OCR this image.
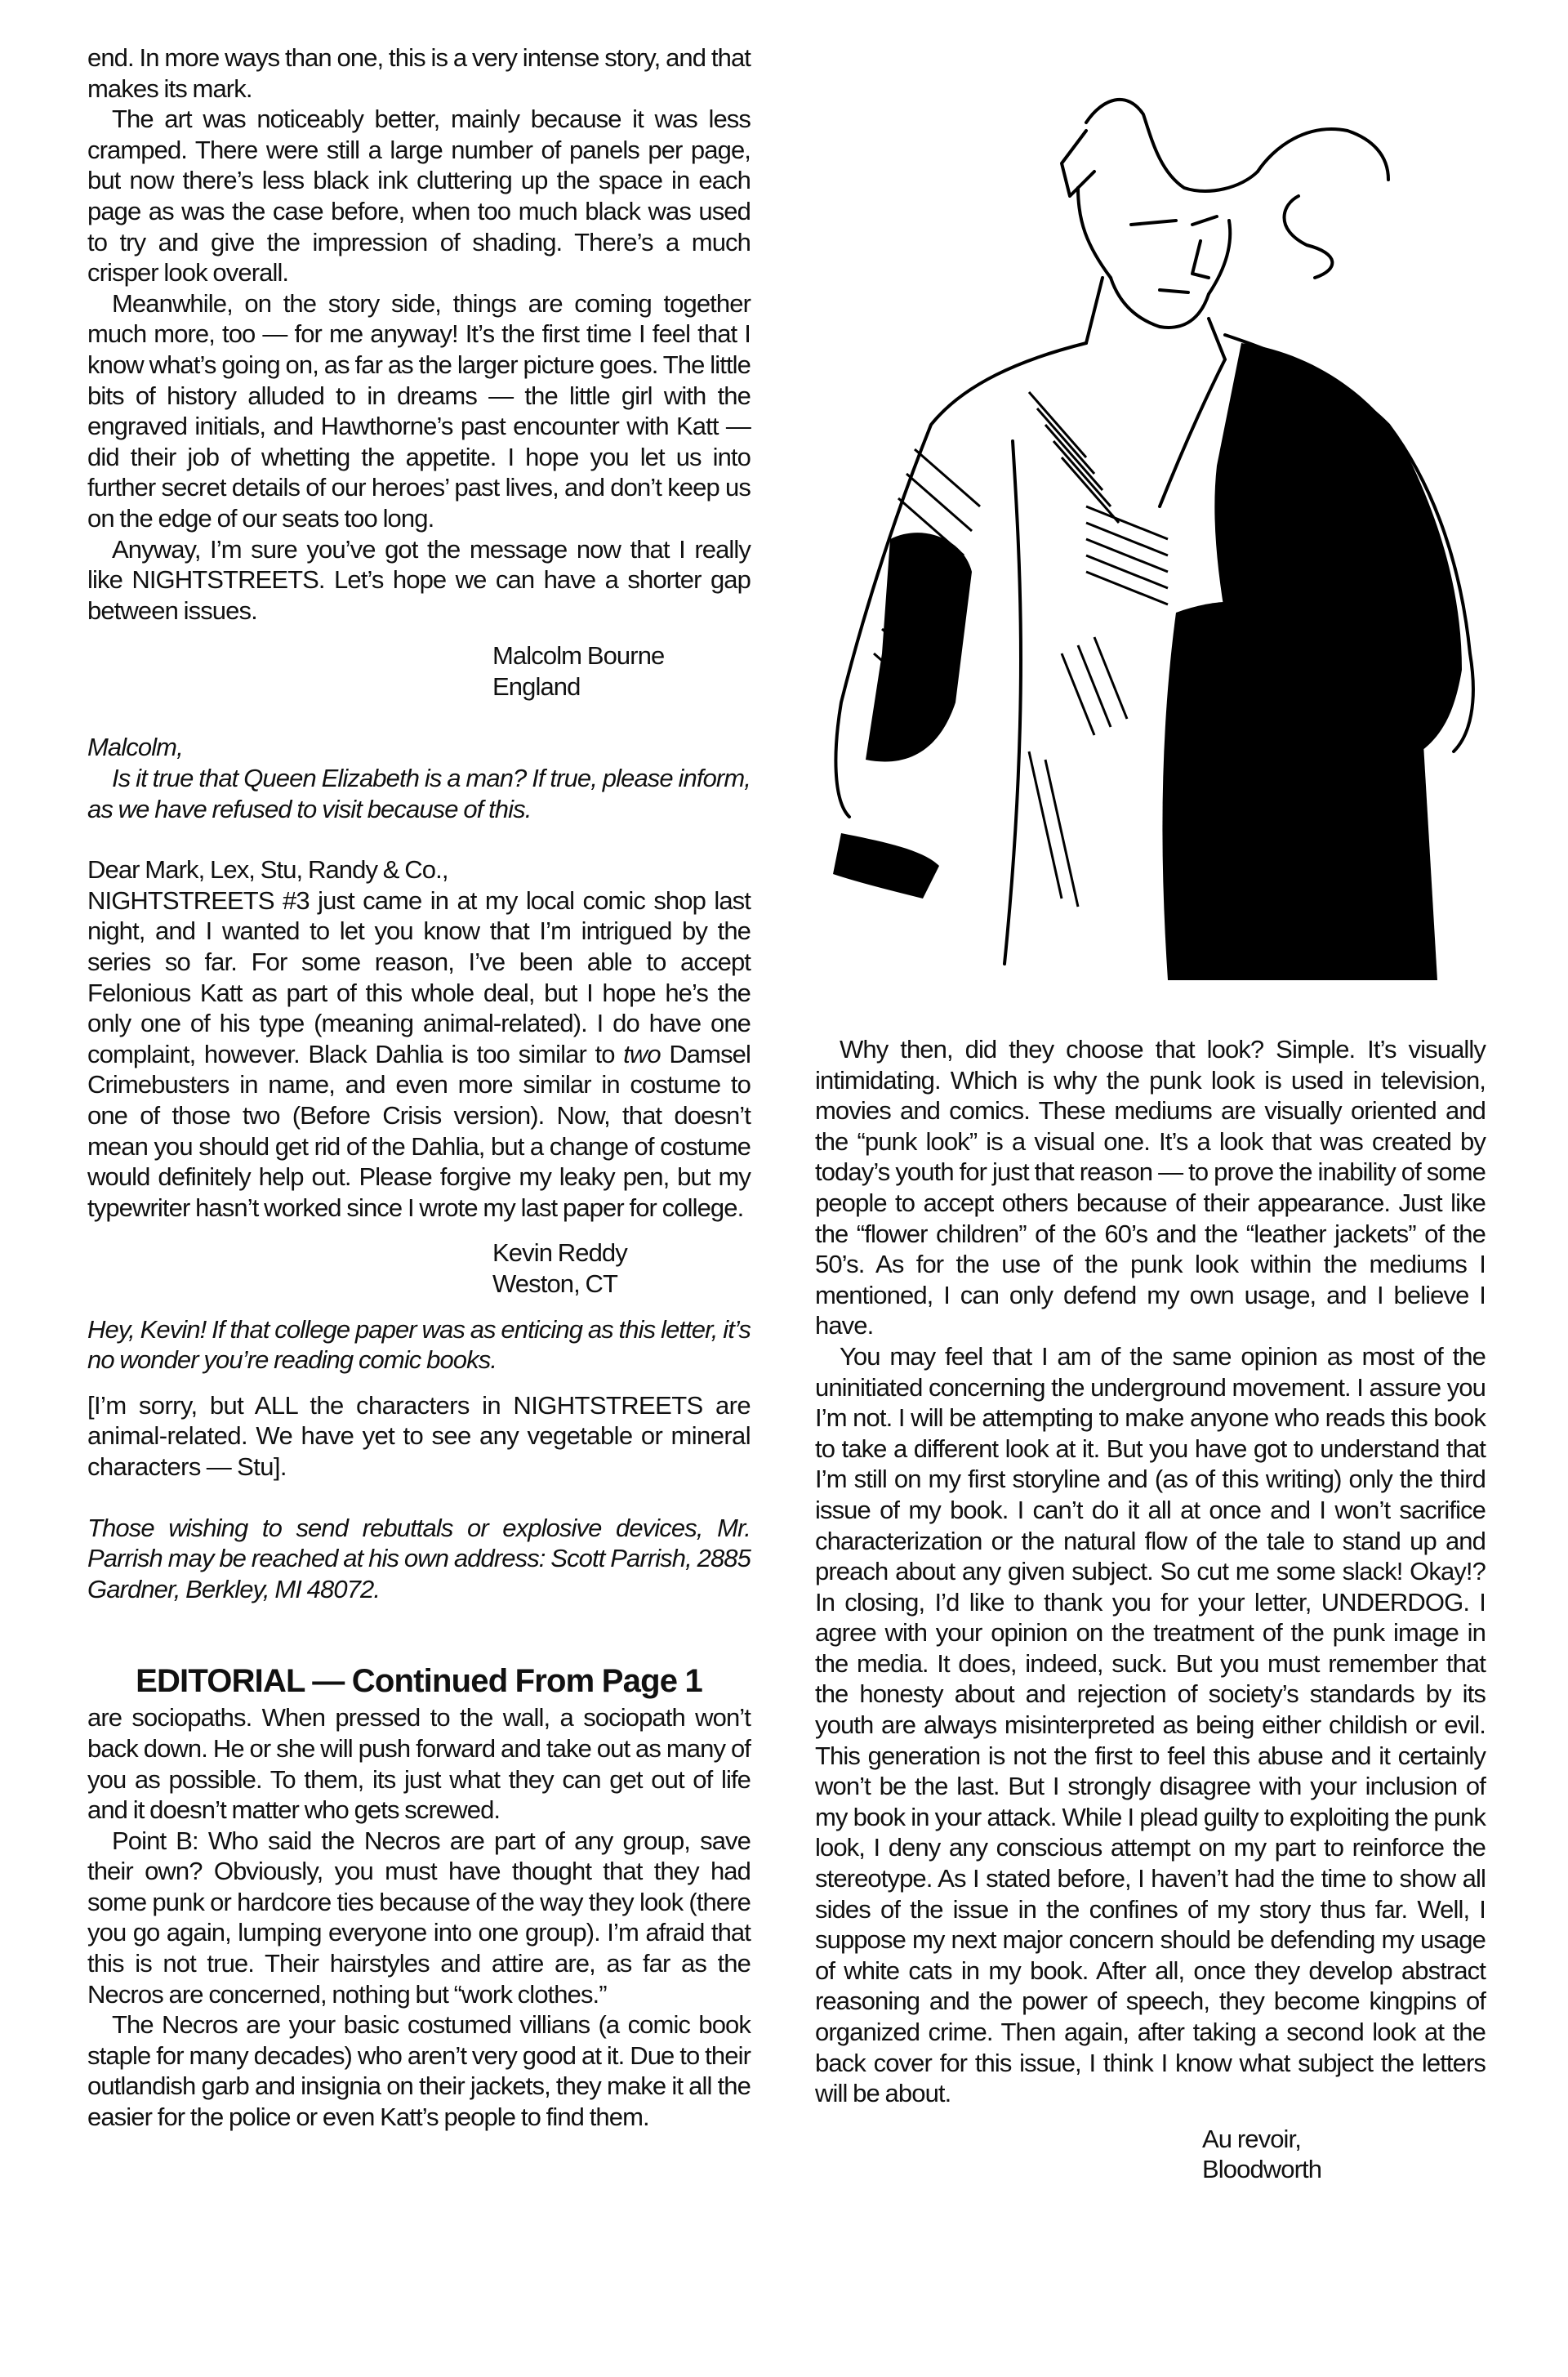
end. In more ways than one, this is a very intense story, and that makes its mark.

The art was noticeably better, mainly because it was less cramped. There were still a large number of panels per page, but now there’s less black ink cluttering up the space in each page as was the case before, when too much black was used to try and give the impression of shading. There’s a much crisper look overall.

Meanwhile, on the story side, things are coming together much more, too — for me anyway! It’s the first time I feel that I know what’s going on, as far as the larger picture goes. The little bits of history alluded to in dreams — the little girl with the engraved initials, and Hawthorne’s past encounter with Katt — did their job of whetting the appetite. I hope you let us into further secret details of our heroes’ past lives, and don’t keep us on the edge of our seats too long.

Anyway, I’m sure you’ve got the message now that I really like NIGHTSTREETS. Let’s hope we can have a shorter gap between issues.

Malcolm Bourne

England

Malcolm,

Is it true that Queen Elizabeth is a man? If true, please inform, as we have refused to visit because of this.

Dear Mark, Lex, Stu, Randy & Co.,

NIGHTSTREETS #3 just came in at my local comic shop last night, and I wanted to let you know that I’m intrigued by the series so far. For some reason, I’ve been able to accept Felonious Katt as part of this whole deal, but I hope he’s the only one of his type (meaning animal-related). I do have one complaint, however. Black Dahlia is too similar to two Damsel Crimebusters in name, and even more similar in costume to one of those two (Before Crisis version). Now, that doesn’t mean you should get rid of the Dahlia, but a change of costume would definitely help out. Please forgive my leaky pen, but my typewriter hasn’t worked since I wrote my last paper for college.

Kevin Reddy

Weston, CT

Hey, Kevin! If that college paper was as enticing as this letter, it’s no wonder you’re reading comic books.

[I’m sorry, but ALL the characters in NIGHTSTREETS are animal-related. We have yet to see any vegetable or mineral characters — Stu].

Those wishing to send rebuttals or explosive devices, Mr. Parrish may be reached at his own address: Scott Parrish, 2885 Gardner, Berkley, MI 48072.

EDITORIAL — Continued From Page 1

are sociopaths. When pressed to the wall, a sociopath won’t back down. He or she will push forward and take out as many of you as possible. To them, its just what they can get out of life and it doesn’t matter who gets screwed.

Point B: Who said the Necros are part of any group, save their own? Obviously, you must have thought that they had some punk or hardcore ties because of the way they look (there you go again, lumping everyone into one group). I’m afraid that this is not true. Their hairstyles and attire are, as far as the Necros are concerned, nothing but “work clothes.”

The Necros are your basic costumed villians (a comic book staple for many decades) who aren’t very good at it. Due to their outlandish garb and insignia on their jackets, they make it all the easier for the police or even Katt’s people to find them.

Why then, did they choose that look? Simple. It’s visually intimidating. Which is why the punk look is used in television, movies and comics. These mediums are visually oriented and the “punk look” is a visual one. It’s a look that was created by today’s youth for just that reason — to prove the inability of some people to accept others because of their appearance. Just like the “flower children” of the 60’s and the “leather jackets” of the 50’s. As for the use of the punk look within the mediums I mentioned, I can only defend my own usage, and I believe I have.

You may feel that I am of the same opinion as most of the uninitiated concerning the underground movement. I assure you I’m not. I will be attempting to make anyone who reads this book to take a different look at it. But you have got to understand that I’m still on my first storyline and (as of this writing) only the third issue of my book. I can’t do it all at once and I won’t sacrifice characterization or the natural flow of the tale to stand up and preach about any given subject. So cut me some slack! Okay!? In closing, I’d like to thank you for your letter, UNDERDOG. I agree with your opinion on the treatment of the punk image in the media. It does, indeed, suck. But you must remember that the honesty about and rejection of society’s standards by its youth are always misinterpreted as being either childish or evil. This generation is not the first to feel this abuse and it certainly won’t be the last. But I strongly disagree with your inclusion of my book in your attack. While I plead guilty to exploiting the punk look, I deny any conscious attempt on my part to reinforce the stereotype. As I stated before, I haven’t had the time to show all sides of the issue in the confines of my story thus far. Well, I suppose my next major concern should be defending my usage of white cats in my book. After all, once they develop abstract reasoning and the power of speech, they become kingpins of organized crime. Then again, after taking a second look at the back cover for this issue, I think I know what subject the letters will be about.

Au revoir,

Bloodworth
